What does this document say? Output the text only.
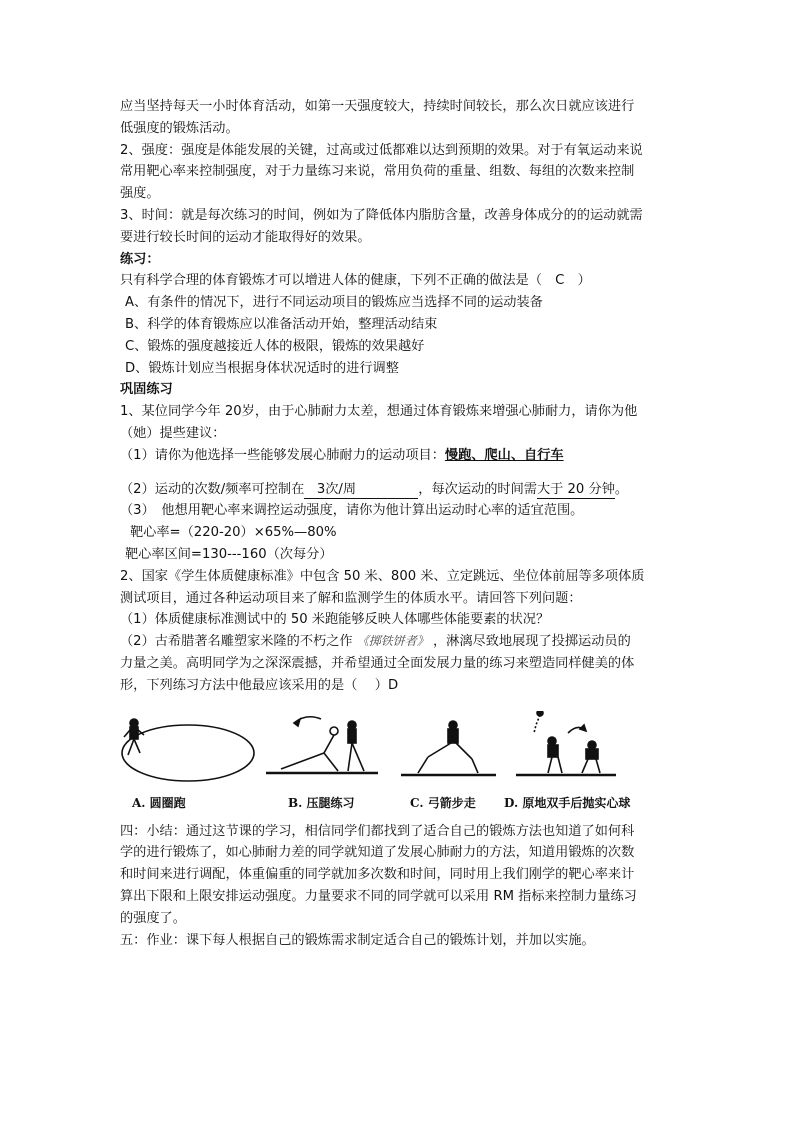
应当坚持每天一小时体育活动，如第一天强度较大，持续时间较长，那么次日就应该进行

低强度的锻炼活动。

2、强度：强度是体能发展的关键，过高或过低都难以达到预期的效果。对于有氧运动来说

常用靶心率来控制强度，对于力量练习来说，常用负荷的重量、组数、每组的次数来控制

强度。

3、时间：就是每次练习的时间，例如为了降低体内脂肪含量，改善身体成分的的运动就需

要进行较长时间的运动才能取得好的效果。

练习：

只有科学合理的体育锻炼才可以增进人体的健康，下列不正确的做法是（　C　）

A、有条件的情况下，进行不同运动项目的锻炼应当选择不同的运动装备

B、科学的体育锻炼应以准备活动开始，整理活动结束

C、锻炼的强度越接近人体的极限，锻炼的效果越好

D、锻炼计划应当根据身体状况适时的进行调整

巩固练习

1、某位同学今年 20岁，由于心肺耐力太差，想通过体育锻炼来增强心肺耐力，请你为他

（她）提些建议：

（1）请你为他选择一些能够发展心肺耐力的运动项目：慢跑、爬山、自行车

（2）运动的次数/频率可控制在 3次/周	，每次运动的时间需大于 20 分钟。

（3）　他想用靶心率来调控运动强度，请你为他计算出运动时心率的适宜范围。

靶心率=（220-20）×65%—80%

靶心率区间=130---160（次每分）

2、国家《学生体质健康标准》中包含 50 米、800 米、立定跳远、坐位体前屈等多项体质

测试项目，通过各种运动项目来了解和监测学生的体质水平。请回答下列问题：

（1）体质健康标准测试中的 50 米跑能够反映人体哪些体能要素的状况？

（2）古希腊著名雕塑家米隆的不朽之作 《掷铁饼者》 ，淋漓尽致地展现了投掷运动员的

力量之美。高明同学为之深深震撼，并希望通过全面发展力量的练习来塑造同样健美的体

形，下列练习方法中他最应该采用的是（　 ）D

A. 圆圈跑	B. 压腿练习	C. 弓箭步走 D. 原地双手后抛实心球

四：小结：通过这节课的学习，相信同学们都找到了适合自己的锻炼方法也知道了如何科

学的进行锻炼了，如心肺耐力差的同学就知道了发展心肺耐力的方法，知道用锻炼的次数

和时间来进行调配，体重偏重的同学就加多次数和时间，同时用上我们刚学的靶心率来计

算出下限和上限安排运动强度。力量要求不同的同学就可以采用 RM 指标来控制力量练习

的强度了。

五：作业：课下每人根据自己的锻炼需求制定适合自己的锻炼计划，并加以实施。
